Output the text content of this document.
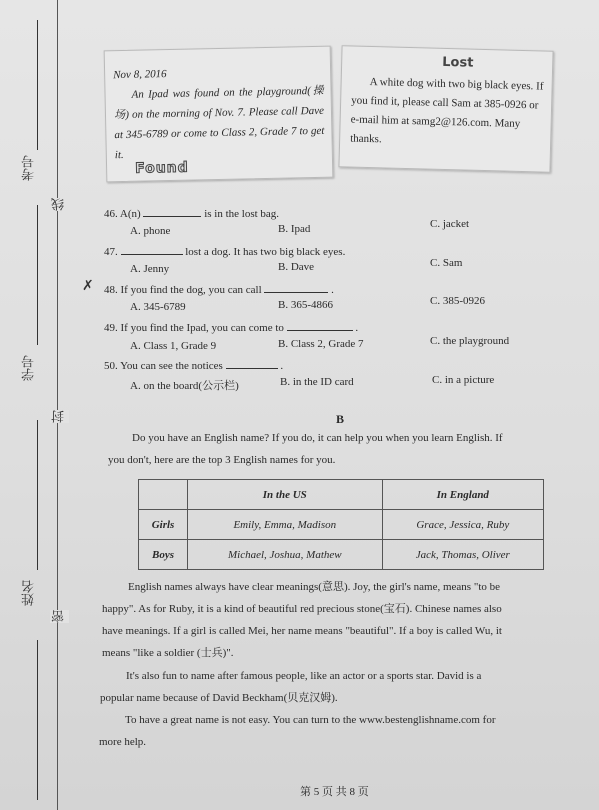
考号
学号
姓名
线
封
密
Nov 8, 2016
An Ipad was found on the playground(操场) on the morning of Nov. 7. Please call Dave at 345-6789 or come to Class 2, Grade 7 to get it.
Found
Lost
A white dog with two big black eyes. If you find it, please call Sam at 385-0926 or e-mail him at samg2@126.com. Many thanks.
46. A(n)	is in the lost bag.
A. phone	B. Ipad	C. jacket
47.	lost a dog. It has two big black eyes.
A. Jenny	B. Dave	C. Sam
✗ 48. If you find the dog, you can call	.
A. 345-6789	B. 365-4866	C. 385-0926
49. If you find the Ipad, you can come to	.
A. Class 1, Grade 9	B. Class 2, Grade 7	C. the playground
50. You can see the notices	.
A. on the board(公示栏)	B. in the ID card	C. in a picture
B
Do you have an English name? If you do, it can help you when you learn English. If
you don't, here are the top 3 English names for you.
	In the US	In England
Girls	Emily, Emma, Madison	Grace, Jessica, Ruby
Boys	Michael, Joshua, Mathew	Jack, Thomas, Oliver
English names always have clear meanings(意思). Joy, the girl's name, means "to be
happy". As for Ruby, it is a kind of beautiful red precious stone(宝石). Chinese names also
have meanings. If a girl is called Mei, her name means "beautiful". If a boy is called Wu, it
means "like a soldier (士兵)".
It's also fun to name after famous people, like an actor or a sports star. David is a
popular name because of David Beckham(贝克汉姆).
To have a great name is not easy. You can turn to the www.bestenglishname.com for
more help.
第 5 页 共 8 页
